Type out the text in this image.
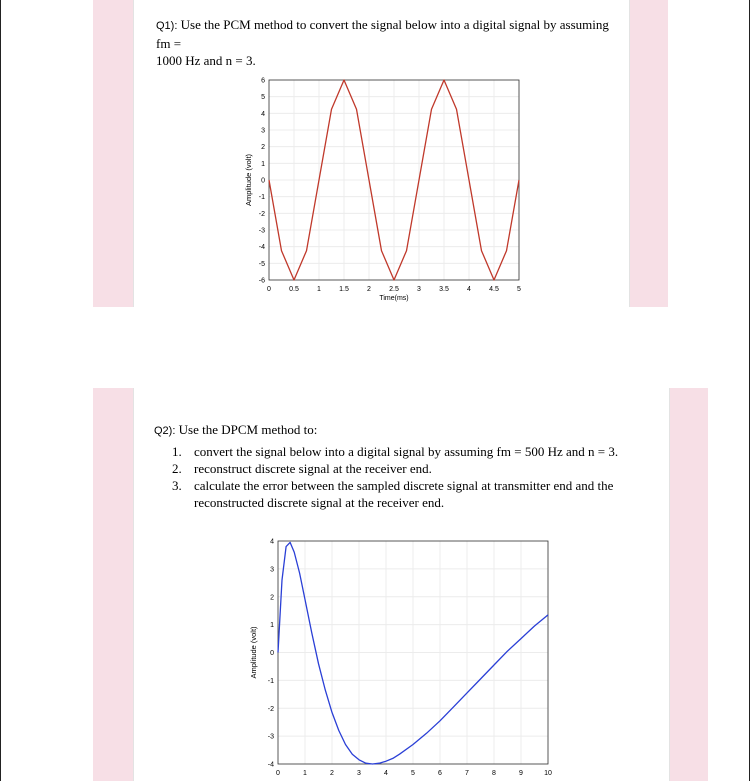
Q1): Use the PCM method to convert the signal below into a digital signal by assuming fm =
1000 Hz and n = 3.
Q2): Use the DPCM method to:
1. convert the signal below into a digital signal by assuming fm = 500 Hz and n = 3.
2. reconstruct discrete signal at the receiver end.
3. calculate the error between the sampled discrete signal at transmitter end and the
reconstructed discrete signal at the receiver end.
0	0.5	1	1.5	2	2.5	3	3.5	4	4.5	5
6
5
4
3
2
1
0
-1
-2
-3
-4
-5
-6
Time(ms)
Amplitude (volt)
0	1	2	3	4	5	6	7	8	9	10
4
3
2
1
0
-1
-2
-3
-4
Amplitude (volt)
